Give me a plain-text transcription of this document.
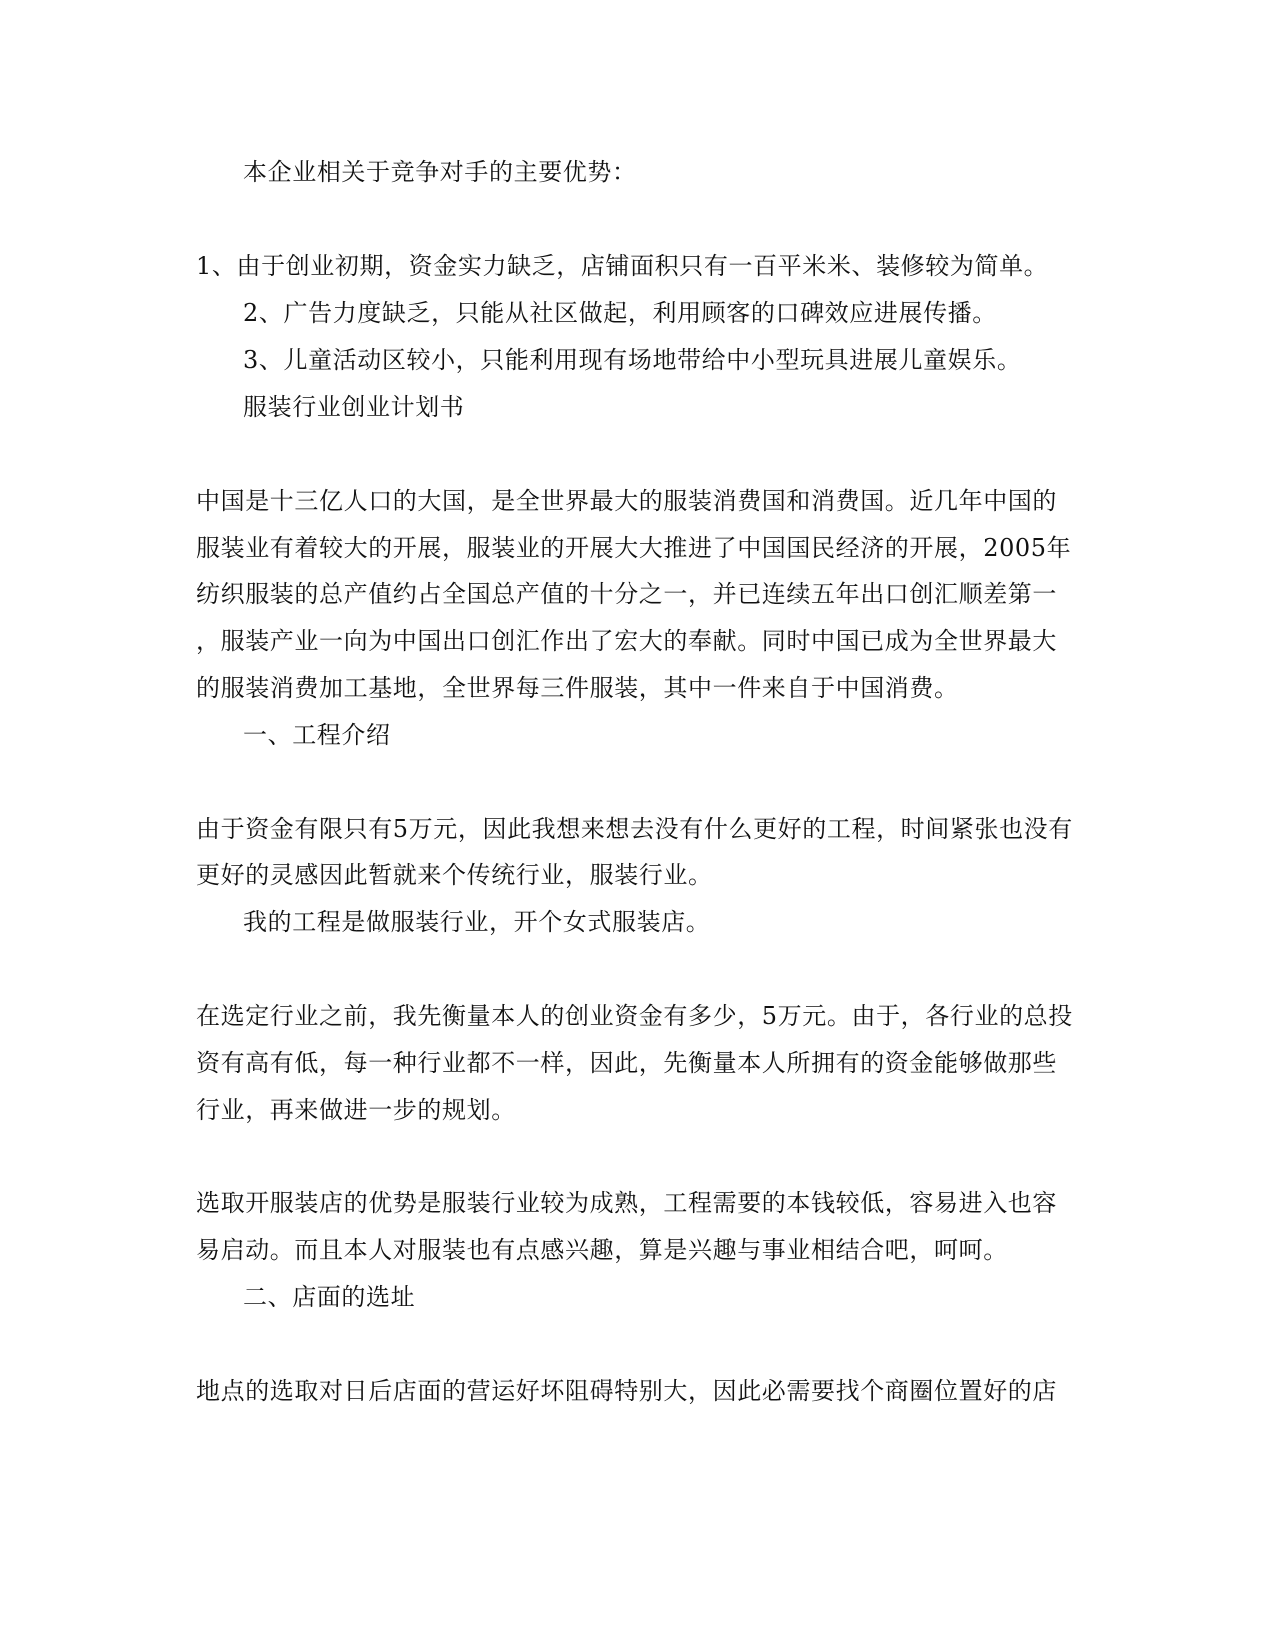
本企业相关于竞争对手的主要优势：
1、由于创业初期，资金实力缺乏，店铺面积只有一百平米米、装修较为简单。
2、广告力度缺乏，只能从社区做起，利用顾客的口碑效应进展传播。
3、儿童活动区较小，只能利用现有场地带给中小型玩具进展儿童娱乐。
服装行业创业计划书
中国是十三亿人口的大国，是全世界最大的服装消费国和消费国。近几年中国的
服装业有着较大的开展，服装业的开展大大推进了中国国民经济的开展，2005年
纺织服装的总产值约占全国总产值的十分之一，并已连续五年出口创汇顺差第一
，服装产业一向为中国出口创汇作出了宏大的奉献。同时中国已成为全世界最大
的服装消费加工基地，全世界每三件服装，其中一件来自于中国消费。
一、工程介绍
由于资金有限只有5万元，因此我想来想去没有什么更好的工程，时间紧张也没有
更好的灵感因此暂就来个传统行业，服装行业。
我的工程是做服装行业，开个女式服装店。
在选定行业之前，我先衡量本人的创业资金有多少，5万元。由于，各行业的总投
资有高有低，每一种行业都不一样，因此，先衡量本人所拥有的资金能够做那些
行业，再来做进一步的规划。
选取开服装店的优势是服装行业较为成熟，工程需要的本钱较低，容易进入也容
易启动。而且本人对服装也有点感兴趣，算是兴趣与事业相结合吧，呵呵。
二、店面的选址
地点的选取对日后店面的营运好坏阻碍特别大，因此必需要找个商圈位置好的店
